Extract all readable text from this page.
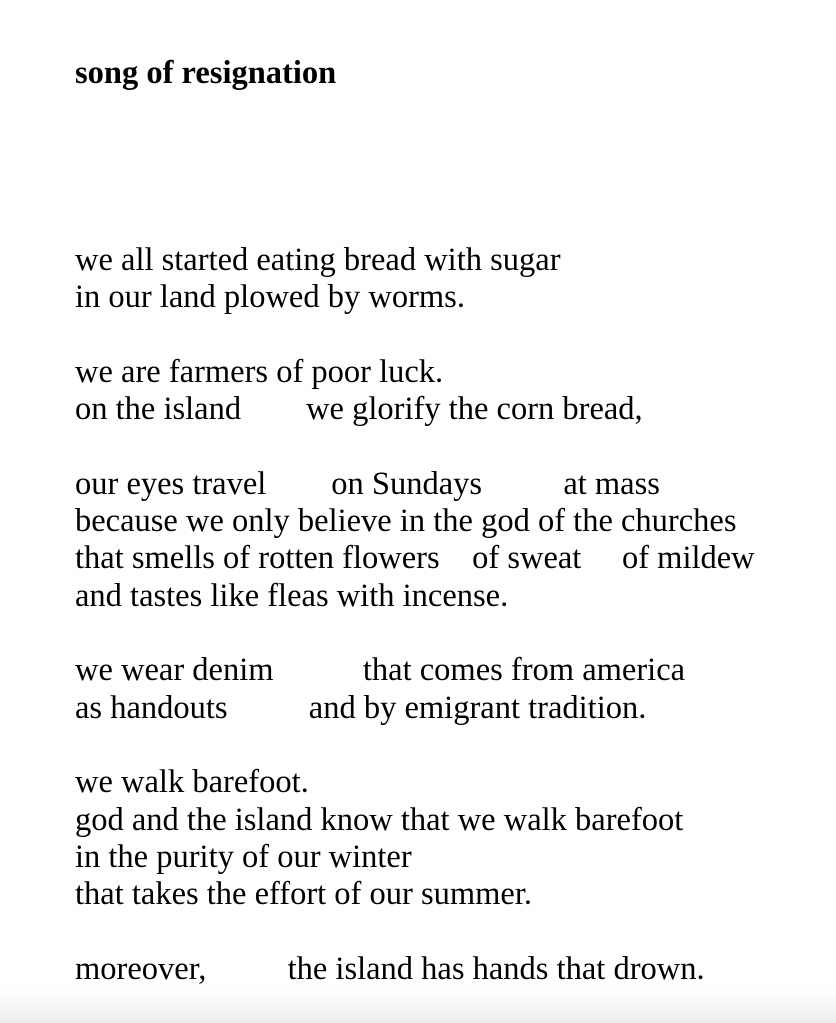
song of resignation
we all started eating bread with sugar
in our land plowed by worms.
we are farmers of poor luck.
on the island        we glorify the corn bread,
our eyes travel        on Sundays          at mass
because we only believe in the god of the churches
that smells of rotten flowers    of sweat     of mildew
and tastes like fleas with incense.
we wear denim           that comes from america
as handouts          and by emigrant tradition.
we walk barefoot.
god and the island know that we walk barefoot
in the purity of our winter
that takes the effort of our summer.
moreover,          the island has hands that drown.
